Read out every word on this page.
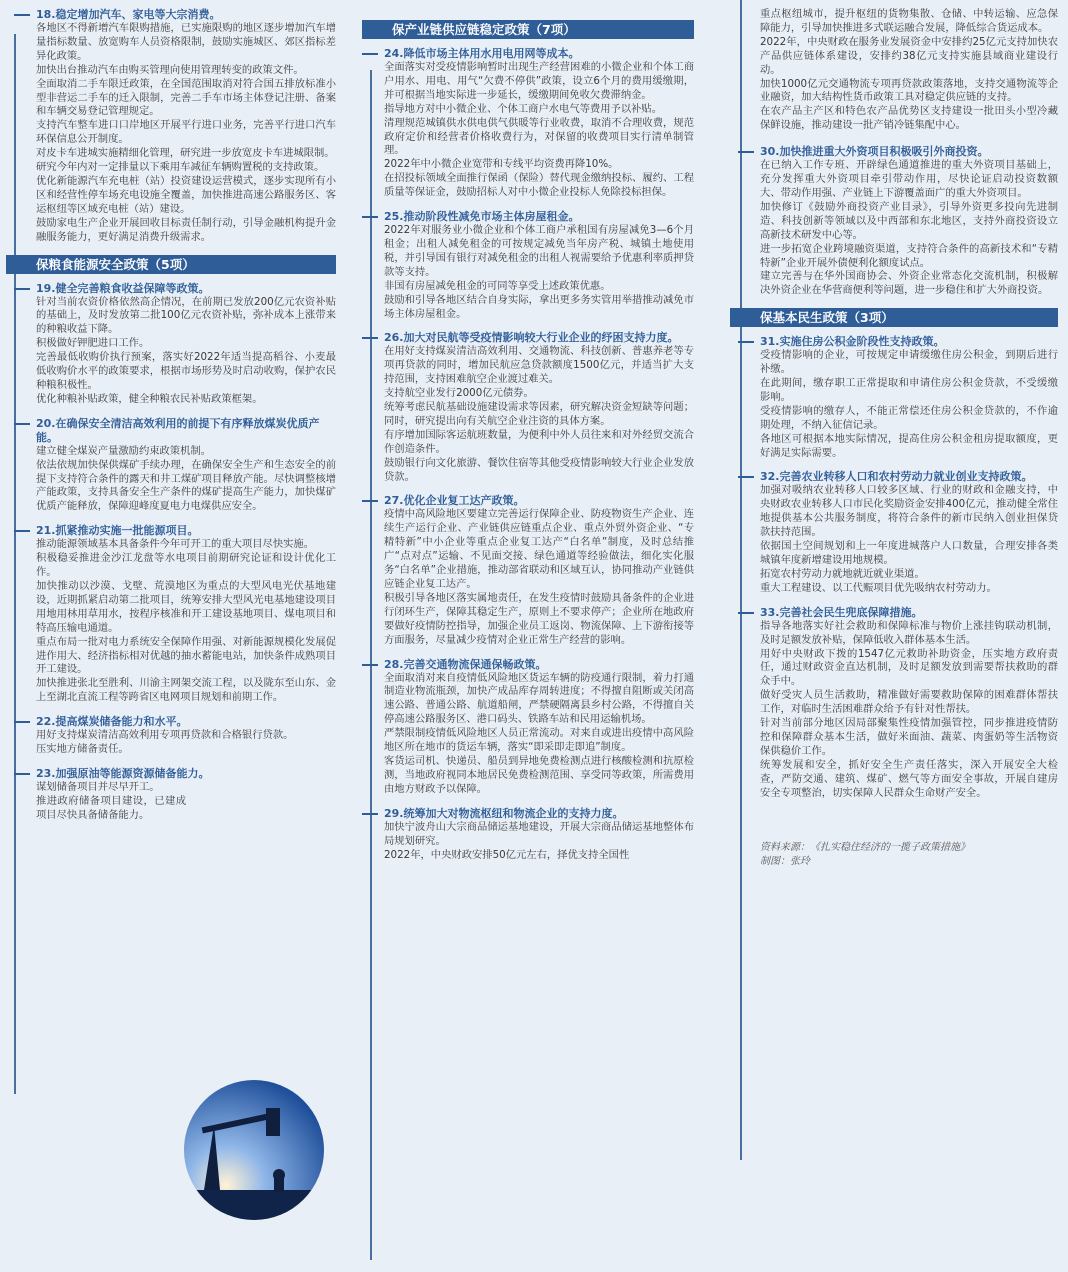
18.稳定增加汽车、家电等大宗消费。
各地区不得新增汽车限购措施，已实施限购的地区逐步增加汽车增量指标数量、放宽购车人员资格限制，鼓励实施城区、郊区指标差异化政策。
加快出台推动汽车由购买管理向使用管理转变的政策文件。
全面取消二手车限迁政策，在全国范围取消对符合国五排放标准小型非营运二手车的迁入限制，完善二手车市场主体登记注册、备案和车辆交易登记管理规定。
支持汽车整车进口口岸地区开展平行进口业务，完善平行进口汽车环保信息公开制度。
对皮卡车进城实施精细化管理，研究进一步放宽皮卡车进城限制。
研究今年内对一定排量以下乘用车减征车辆购置税的支持政策。
优化新能源汽车充电桩（站）投资建设运营模式，逐步实现所有小区和经营性停车场充电设施全覆盖，加快推进高速公路服务区、客运枢纽等区域充电桩（站）建设。
鼓励家电生产企业开展回收目标责任制行动，引导金融机构提升金融服务能力，更好满足消费升级需求。
保粮食能源安全政策（5项）
19.健全完善粮食收益保障等政策。
针对当前农资价格依然高企情况，在前期已发放200亿元农资补贴的基础上，及时发放第二批100亿元农资补贴，弥补成本上涨带来的种粮收益下降。
积极做好钾肥进口工作。
完善最低收购价执行预案，落实好2022年适当提高稻谷、小麦最低收购价水平的政策要求，根据市场形势及时启动收购，保护农民种粮积极性。
优化种粮补贴政策，健全种粮农民补贴政策框架。
20.在确保安全清洁高效利用的前提下有序释放煤炭优质产能。
建立健全煤炭产量激励约束政策机制。
依法依规加快保供煤矿手续办理，在确保安全生产和生态安全的前提下支持符合条件的露天和井工煤矿项目释放产能。尽快调整核增产能政策，支持具备安全生产条件的煤矿提高生产能力，加快煤矿优质产能释放，保障迎峰度夏电力电煤供应安全。
21.抓紧推动实施一批能源项目。
推动能源领域基本具备条件今年可开工的重大项目尽快实施。
积极稳妥推进金沙江龙盘等水电项目前期研究论证和设计优化工作。
加快推动以沙漠、戈壁、荒漠地区为重点的大型风电光伏基地建设，近期抓紧启动第二批项目，统筹安排大型风光电基地建设项目用地用林用草用水，按程序核准和开工建设基地项目、煤电项目和特高压输电通道。
重点布局一批对电力系统安全保障作用强、对新能源规模化发展促进作用大、经济指标相对优越的抽水蓄能电站，加快条件成熟项目开工建设。
加快推进张北至胜利、川渝主网架交流工程，以及陇东至山东、金上至湖北直流工程等跨省区电网项目规划和前期工作。
22.提高煤炭储备能力和水平。
用好支持煤炭清洁高效利用专项再贷款和合格银行贷款。
压实地方储备责任。
23.加强原油等能源资源储备能力。
谋划储备项目并尽早开工。
推进政府储备项目建设，已建成项目尽快具备储备能力。
保产业链供应链稳定政策（7项）
24.降低市场主体用水用电用网等成本。
全面落实对受疫情影响暂时出现生产经营困难的小微企业和个体工商户用水、用电、用气“欠费不停供”政策，设立6个月的费用缓缴期，并可根据当地实际进一步延长，缓缴期间免收欠费滞纳金。
指导地方对中小微企业、个体工商户水电气等费用予以补贴。
清理规范城镇供水供电供气供暖等行业收费，取消不合理收费，规范政府定价和经营者价格收费行为，对保留的收费项目实行清单制管理。
2022年中小微企业宽带和专线平均资费再降10%。
在招投标领域全面推行保函（保险）替代现金缴纳投标、履约、工程质量等保证金，鼓励招标人对中小微企业投标人免除投标担保。
25.推动阶段性减免市场主体房屋租金。
2022年对服务业小微企业和个体工商户承租国有房屋减免3—6个月租金；出租人减免租金的可按规定减免当年房产税、城镇土地使用税，并引导国有银行对减免租金的出租人视需要给予优惠利率质押贷款等支持。
非国有房屋减免租金的可同等享受上述政策优惠。
鼓励和引导各地区结合自身实际，拿出更多务实管用举措推动减免市场主体房屋租金。
26.加大对民航等受疫情影响较大行业企业的纾困支持力度。
在用好支持煤炭清洁高效利用、交通物流、科技创新、普惠养老等专项再贷款的同时，增加民航应急贷款额度1500亿元，并适当扩大支持范围，支持困难航空企业渡过难关。
支持航空业发行2000亿元债券。
统筹考虑民航基础设施建设需求等因素，研究解决资金短缺等问题；同时，研究提出向有关航空企业注资的具体方案。
有序增加国际客运航班数量，为便利中外人员往来和对外经贸交流合作创造条件。
鼓励银行向文化旅游、餐饮住宿等其他受疫情影响较大行业企业发放贷款。
27.优化企业复工达产政策。
疫情中高风险地区要建立完善运行保障企业、防疫物资生产企业、连续生产运行企业、产业链供应链重点企业、重点外贸外资企业、“专精特新”中小企业等重点企业复工达产“白名单”制度，及时总结推广“点对点”运输、不见面交接、绿色通道等经验做法，细化实化服务“白名单”企业措施，推动部省联动和区域互认，协同推动产业链供应链企业复工达产。
积极引导各地区落实属地责任，在发生疫情时鼓励具备条件的企业进行闭环生产，保障其稳定生产，原则上不要求停产；企业所在地政府要做好疫情防控指导，加强企业员工返岗、物流保障、上下游衔接等方面服务，尽量减少疫情对企业正常生产经营的影响。
28.完善交通物流保通保畅政策。
全面取消对来自疫情低风险地区货运车辆的防疫通行限制，着力打通制造业物流瓶颈，加快产成品库存周转进度；不得擅自阻断或关闭高速公路、普通公路、航道船闸，严禁硬隔离县乡村公路，不得擅自关停高速公路服务区、港口码头、铁路车站和民用运输机场。
严禁限制疫情低风险地区人员正常流动。对来自或进出疫情中高风险地区所在地市的货运车辆，落实“即采即走即追”制度。
客货运司机、快递员、船员到异地免费检测点进行核酸检测和抗原检测，当地政府视同本地居民免费检测范围、享受同等政策，所需费用由地方财政予以保障。
29.统筹加大对物流枢纽和物流企业的支持力度。
加快宁波舟山大宗商品储运基地建设，开展大宗商品储运基地整体布局规划研究。
2022年，中央财政安排50亿元左右，择优支持全国性
重点枢纽城市，提升枢纽的货物集散、仓储、中转运输、应急保障能力，引导加快推进多式联运融合发展，降低综合货运成本。
2022年，中央财政在服务业发展资金中安排约25亿元支持加快农产品供应链体系建设，安排约38亿元支持实施县域商业建设行动。
加快1000亿元交通物流专项再贷款政策落地，支持交通物流等企业融资，加大结构性货币政策工具对稳定供应链的支持。
在农产品主产区和特色农产品优势区支持建设一批田头小型冷藏保鲜设施，推动建设一批产销冷链集配中心。
30.加快推进重大外资项目积极吸引外商投资。
在已纳入工作专班、开辟绿色通道推进的重大外资项目基础上，充分发挥重大外资项目牵引带动作用，尽快论证启动投资数额大、带动作用强、产业链上下游覆盖面广的重大外资项目。
加快修订《鼓励外商投资产业目录》，引导外资更多投向先进制造、科技创新等领域以及中西部和东北地区，支持外商投资设立高新技术研发中心等。
进一步拓宽企业跨境融资渠道，支持符合条件的高新技术和“专精特新”企业开展外债便利化额度试点。
建立完善与在华外国商协会、外资企业常态化交流机制，积极解决外资企业在华营商便利等问题，进一步稳住和扩大外商投资。
保基本民生政策（3项）
31.实施住房公积金阶段性支持政策。
受疫情影响的企业，可按规定申请缓缴住房公积金，到期后进行补缴。
在此期间，缴存职工正常提取和申请住房公积金贷款，不受缓缴影响。
受疫情影响的缴存人，不能正常偿还住房公积金贷款的，不作逾期处理，不纳入征信记录。
各地区可根据本地实际情况，提高住房公积金租房提取额度，更好满足实际需要。
32.完善农业转移人口和农村劳动力就业创业支持政策。
加强对吸纳农业转移人口较多区域、行业的财政和金融支持，中央财政农业转移人口市民化奖励资金安排400亿元，推动健全常住地提供基本公共服务制度，将符合条件的新市民纳入创业担保贷款扶持范围。
依据国土空间规划和上一年度进城落户人口数量，合理安排各类城镇年度新增建设用地规模。
拓宽农村劳动力就地就近就业渠道。
重大工程建设、以工代赈项目优先吸纳农村劳动力。
33.完善社会民生兜底保障措施。
指导各地落实好社会救助和保障标准与物价上涨挂钩联动机制，及时足额发放补贴，保障低收入群体基本生活。
用好中央财政下拨的1547亿元救助补助资金，压实地方政府责任，通过财政资金直达机制，及时足额发放到需要帮扶救助的群众手中。
做好受灾人员生活救助，精准做好需要救助保障的困难群体帮扶工作，对临时生活困难群众给予有针对性帮扶。
针对当前部分地区因局部聚集性疫情加强管控，同步推进疫情防控和保障群众基本生活，做好米面油、蔬菜、肉蛋奶等生活物资保供稳价工作。
统筹发展和安全，抓好安全生产责任落实，深入开展安全大检查，严防交通、建筑、煤矿、燃气等方面安全事故，开展自建房安全专项整治，切实保障人民群众生命财产安全。
资料来源：《扎实稳住经济的一揽子政策措施》
制图：张玲
